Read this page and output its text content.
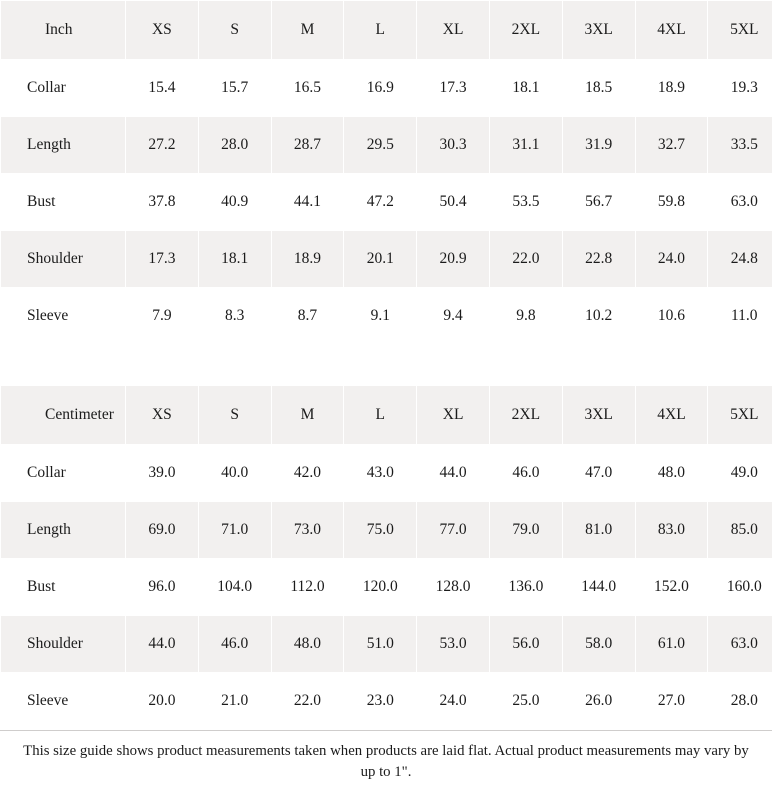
Inch	XS	S	M	L	XL	2XL	3XL	4XL	5XL
Collar	15.4	15.7	16.5	16.9	17.3	18.1	18.5	18.9	19.3
Length	27.2	28.0	28.7	29.5	30.3	31.1	31.9	32.7	33.5
Bust	37.8	40.9	44.1	47.2	50.4	53.5	56.7	59.8	63.0
Shoulder	17.3	18.1	18.9	20.1	20.9	22.0	22.8	24.0	24.8
Sleeve	7.9	8.3	8.7	9.1	9.4	9.8	10.2	10.6	11.0
Centimeter	XS	S	M	L	XL	2XL	3XL	4XL	5XL
Collar	39.0	40.0	42.0	43.0	44.0	46.0	47.0	48.0	49.0
Length	69.0	71.0	73.0	75.0	77.0	79.0	81.0	83.0	85.0
Bust	96.0	104.0	112.0	120.0	128.0	136.0	144.0	152.0	160.0
Shoulder	44.0	46.0	48.0	51.0	53.0	56.0	58.0	61.0	63.0
Sleeve	20.0	21.0	22.0	23.0	24.0	25.0	26.0	27.0	28.0
This size guide shows product measurements taken when products are laid flat. Actual product measurements may vary by up to 1".
